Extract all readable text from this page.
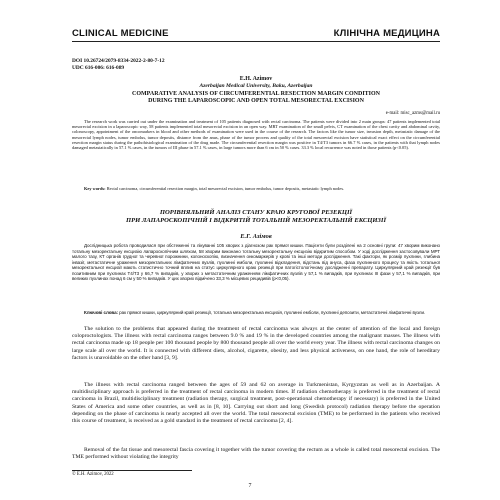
CLINICAL MEDICINE	КЛІНІЧНА МЕДИЦИНА
DOI 10.26724/2079-8334-2022-2-80-7-12
UDC 616-006: 616-089
E.H. Azimov
Azerbaijan Medical University, Baku, Azerbaijan
COMPARATIVE ANALYSIS OF CIRCUMFERENTIAL RESECTION MARGIN CONDITION
DURING THE LAPAROSCOPIC AND OPEN TOTAL MESORECTAL EXCISION
e-mail: misc_azms@mail.ru
The research work was carried out under the examination and treatment of 105 patients diagnosed with rectal carcinoma. The patients were divided into 2 main groups: 47 patients implemented total mesorectal excision in a laparoscopic way, 58 patients implemented total mesorectal excision in an open way. MRT examination of the small pelvis, CT examination of the chest cavity and abdominal cavity, colonoscopy, appointment of the oncomarkers in blood and other methods of examination were used in the course of the research. The factors like the tumor size, invasion depth, metastatic damage of the mesorectal lymph nodes, tumor embolus, tumor deposits, distance from the anus, phase of the tumor process and quality of the total mesorectal excision have statistical exact effect on the circumferential resection margin status during the pathohistological examination of the drug made. The circumferential resection margin was positive in T4/T3 tumors in 66.7 % cases, in the patients with that lymph nodes damaged metastatically in 57.1 % cases, in the tumors of III phase in 57.1 % cases, in large tumors more than 6 cm in 50 % cases. 33.3 % local recurrence was noted in those patients (p<0.05).
Key words: Rectal carcinoma, circumferential resection margin, total mesorectal excision, tumor embolus, tumor deposits, metastatic lymph nodes.
ПОРІВНЯЛЬНИЙ АНАЛІЗ СТАНУ КРАЮ КРУГОВОЇ РЕЗЕКЦІЇ
ПРИ ЛАПАРОСКОПІЧНІЙ І ВІДКРИТІЙ ТОТАЛЬНІЙ МЕЗОРЕКТАЛЬНІЙ ЕКСЦИЗІЇ
Е.Г. Азімов
Дослідницька робота проводилася при обстеженні та лікуванні 105 хворих з діагнозом рак прямої кишки. Пацієнти були розділені на 2 основні групи: 47 хворим виконано тотальну мезоректальну ексцизію лапароскопічним шляхом, 58 хворим виконано тотальну мезоректальну ексцизію відкритим способом. У ході дослідження застосовували МРТ малого тазу, КТ органів грудної та черевної порожнини, колоноскопію, визначення онкомаркерів у крові та інші методи дослідження. Такі фактори, як розмір пухлини, глибина інвазії, метастатичне ураження мезоректальних лімфатичних вузлів, пухлинні емболи, пухлинні відкладення, відстань від ануса, фаза пухлинного процесу та якість тотальної мезоректальної ексцизії мають статистично точний вплив на статус циркулярного краю резекції при патогістологічному дослідженні препарату. Циркулярний край резекції був позитивним при пухлинах Т4/Т3 у 66,7 % випадків, у хворих з метастатичним ураженням лімфатичних вузлів у 57,1 % випадків, при пухлинах III фази у 57,1 % випадків, при великих пухлинах понад 6 см у 50 % випадків. У цих хворих відмічено 33,3 % місцевих рецидивів (р<0,05).
Ключові слова: рак прямої кишки, циркулярний край резекції, тотальна мезоректальна ексцизія, пухлинні емболи, пухлинні депозити, метастатичні лімфатичні вузли.
The solution to the problems that appeared during the treatment of rectal carcinoma was always at the center of attention of the local and foreign coloproctologists. The illness with rectal carcinoma ranges between 9.0 % and 19 % in the developed countries among the malignant masses. The illness with rectal carcinoma made up 18 people per 100 thousand people by 800 thousand people all over the world every year. The illness with rectal carcinoma changes on large scale all over the world. It is connected with different diets, alcohol, cigarette, obesity, and less physical activeness, on one hand, the role of hereditary factors is unavoidable on the other hand [3, 9].
The illness with rectal carcinoma ranged between the ages of 59 and 62 on average in Turkmenistan, Kyrgyzstan as well as in Azerbaijan. A multidisciplinary approach is preferred in the treatment of rectal carcinoma in modern times. If radiation chemotherapy is preferred in the treatment of rectal carcinoma in Brazil, multidisciplinary treatment (radiation therapy, surgical treatment, post-operational chemotherapy if necessary) is preferred in the United States of America and some other countries, as well as in [8, 10]. Carrying out short and long (Swedish protocol) radiation therapy before the operation depending on the phase of carcinoma is nearly accepted all over the world. The total mesorectal excision (TME) to be performed in the patients who received this course of treatment, is received as a gold standard in the treatment of rectal carcinoma [2, 4].
Removal of the fat tissue and mesorectal fascia covering it together with the tumor covering the rectum as a whole is called total mesorectal excision. The TME performed without violating the integrity
© E.H. Azimov, 2022
7
